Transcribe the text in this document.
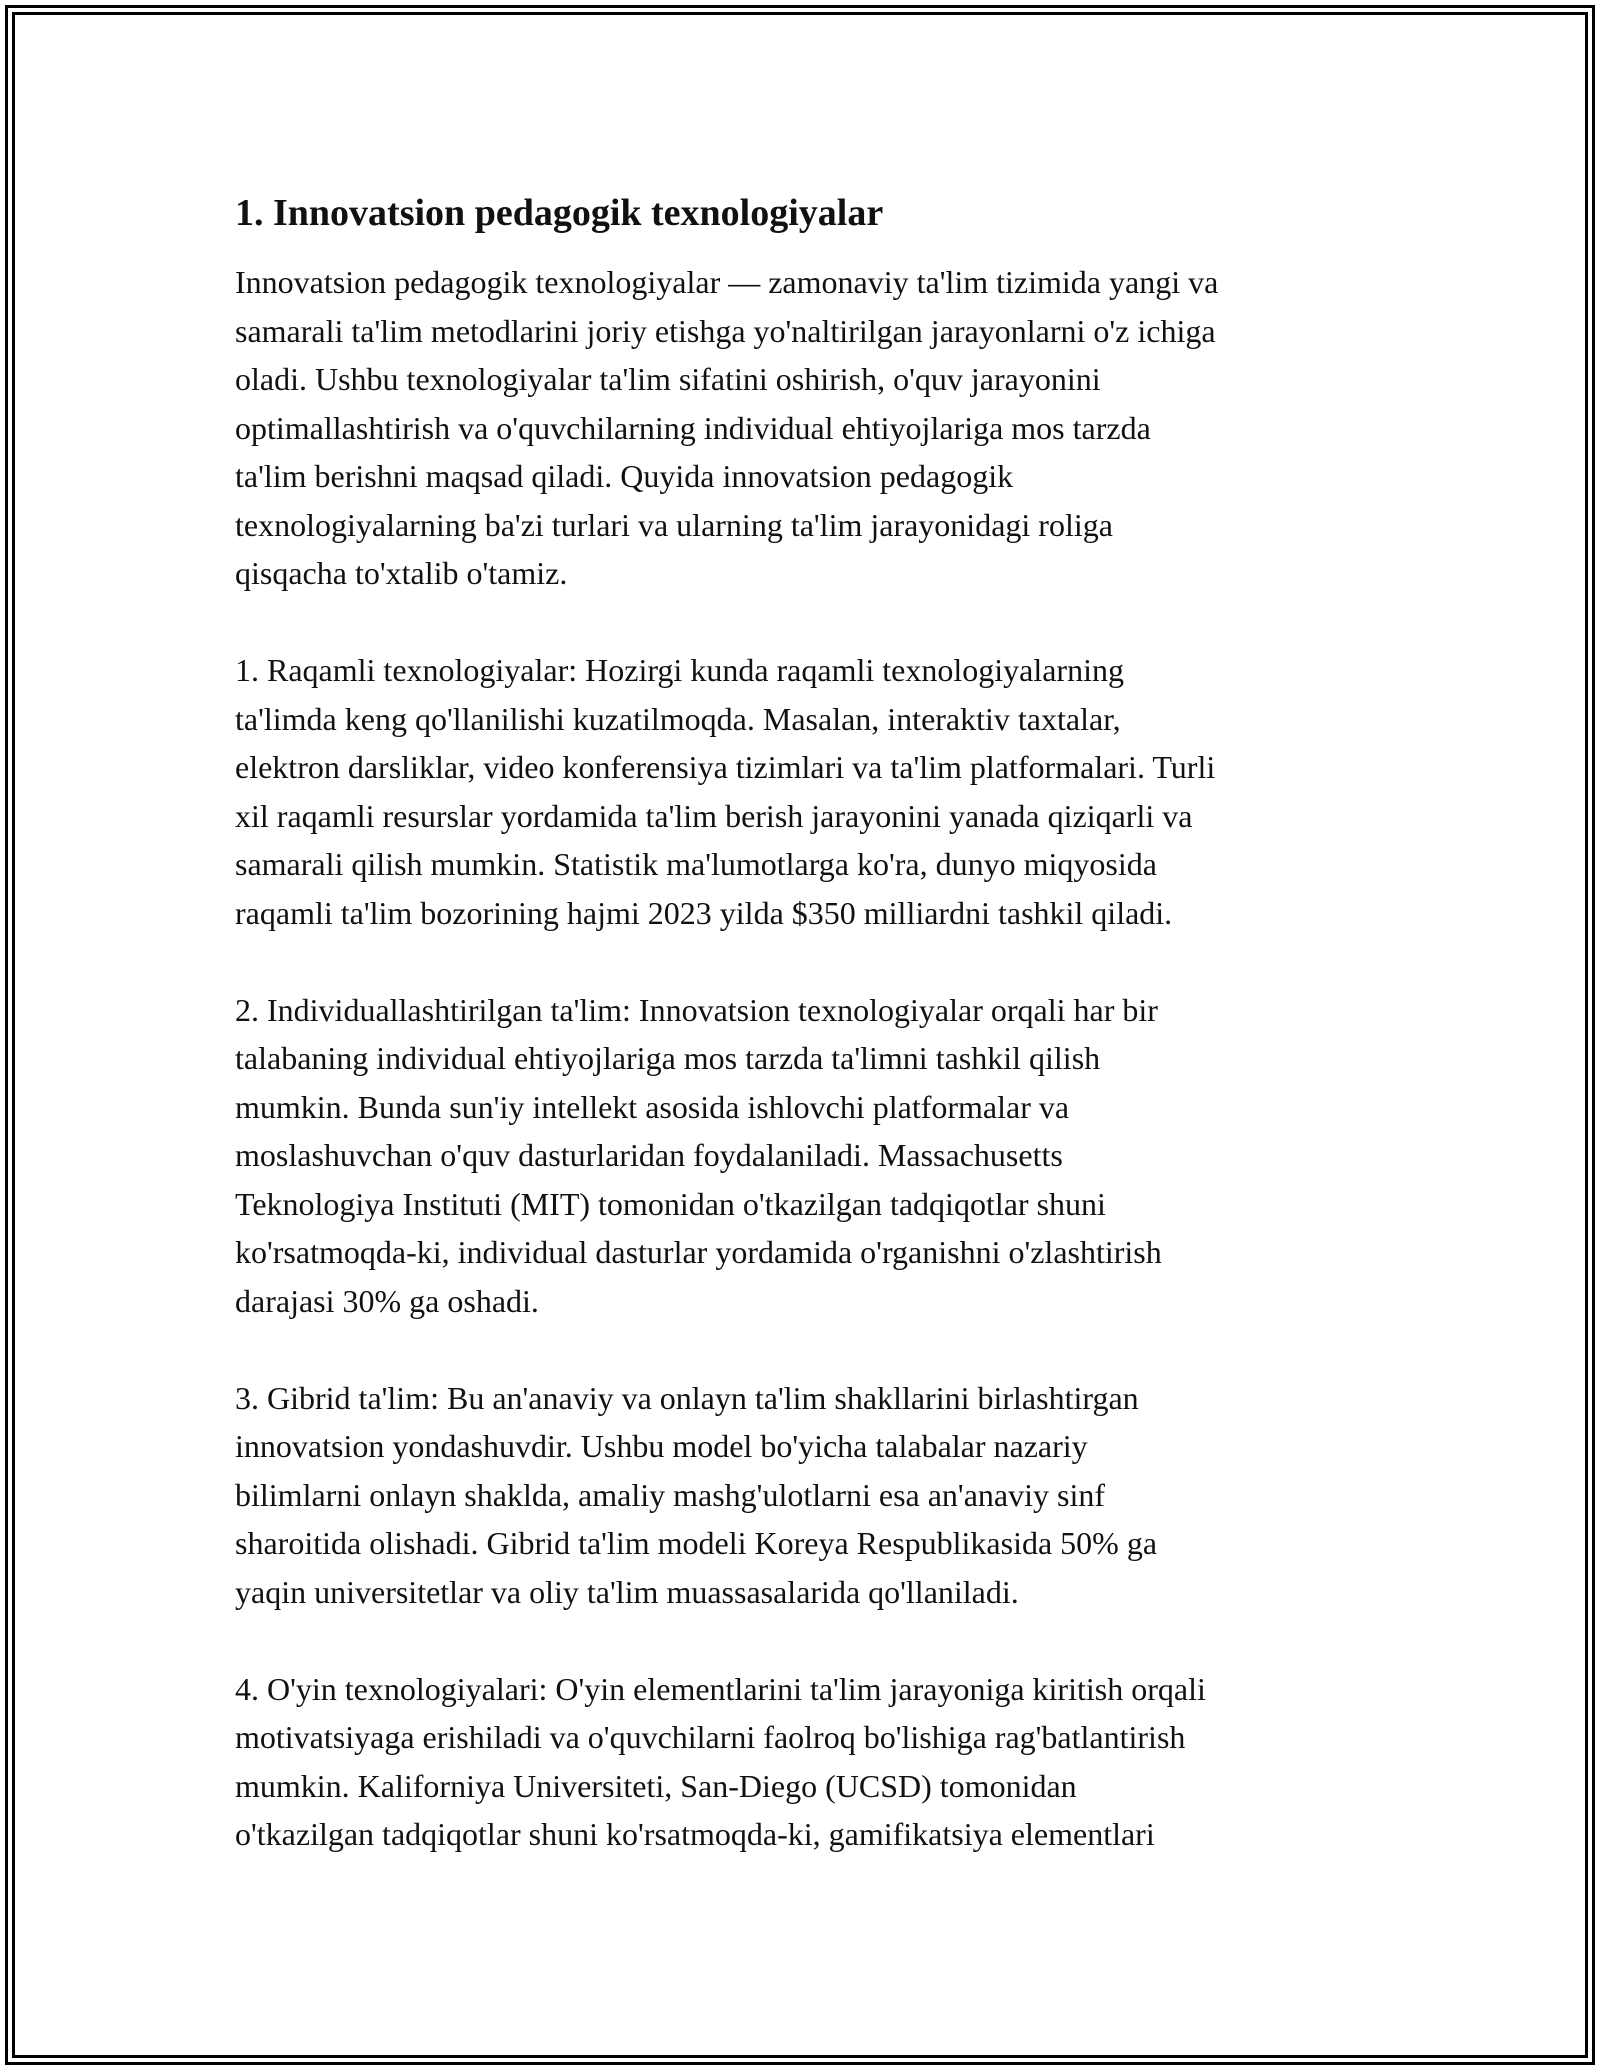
1. Innovatsion pedagogik texnologiyalar

Innovatsion pedagogik texnologiyalar — zamonaviy ta'lim tizimida yangi va
samarali ta'lim metodlarini joriy etishga yo'naltirilgan jarayonlarni o'z ichiga
oladi. Ushbu texnologiyalar ta'lim sifatini oshirish, o'quv jarayonini
optimallashtirish va o'quvchilarning individual ehtiyojlariga mos tarzda
ta'lim berishni maqsad qiladi. Quyida innovatsion pedagogik
texnologiyalarning ba'zi turlari va ularning ta'lim jarayonidagi roliga
qisqacha to'xtalib o'tamiz.

1. Raqamli texnologiyalar: Hozirgi kunda raqamli texnologiyalarning
ta'limda keng qo'llanilishi kuzatilmoqda. Masalan, interaktiv taxtalar,
elektron darsliklar, video konferensiya tizimlari va ta'lim platformalari. Turli
xil raqamli resurslar yordamida ta'lim berish jarayonini yanada qiziqarli va
samarali qilish mumkin. Statistik ma'lumotlarga ko'ra, dunyo miqyosida
raqamli ta'lim bozorining hajmi 2023 yilda $350 milliardni tashkil qiladi.

2. Individuallashtirilgan ta'lim: Innovatsion texnologiyalar orqali har bir
talabaning individual ehtiyojlariga mos tarzda ta'limni tashkil qilish
mumkin. Bunda sun'iy intellekt asosida ishlovchi platformalar va
moslashuvchan o'quv dasturlaridan foydalaniladi. Massachusetts
Teknologiya Instituti (MIT) tomonidan o'tkazilgan tadqiqotlar shuni
ko'rsatmoqda-ki, individual dasturlar yordamida o'rganishni o'zlashtirish
darajasi 30% ga oshadi.

3. Gibrid ta'lim: Bu an'anaviy va onlayn ta'lim shakllarini birlashtirgan
innovatsion yondashuvdir. Ushbu model bo'yicha talabalar nazariy
bilimlarni onlayn shaklda, amaliy mashg'ulotlarni esa an'anaviy sinf
sharoitida olishadi. Gibrid ta'lim modeli Koreya Respublikasida 50% ga
yaqin universitetlar va oliy ta'lim muassasalarida qo'llaniladi.

4. O'yin texnologiyalari: O'yin elementlarini ta'lim jarayoniga kiritish orqali
motivatsiyaga erishiladi va o'quvchilarni faolroq bo'lishiga rag'batlantirish
mumkin. Kaliforniya Universiteti, San-Diego (UCSD) tomonidan
o'tkazilgan tadqiqotlar shuni ko'rsatmoqda-ki, gamifikatsiya elementlari
